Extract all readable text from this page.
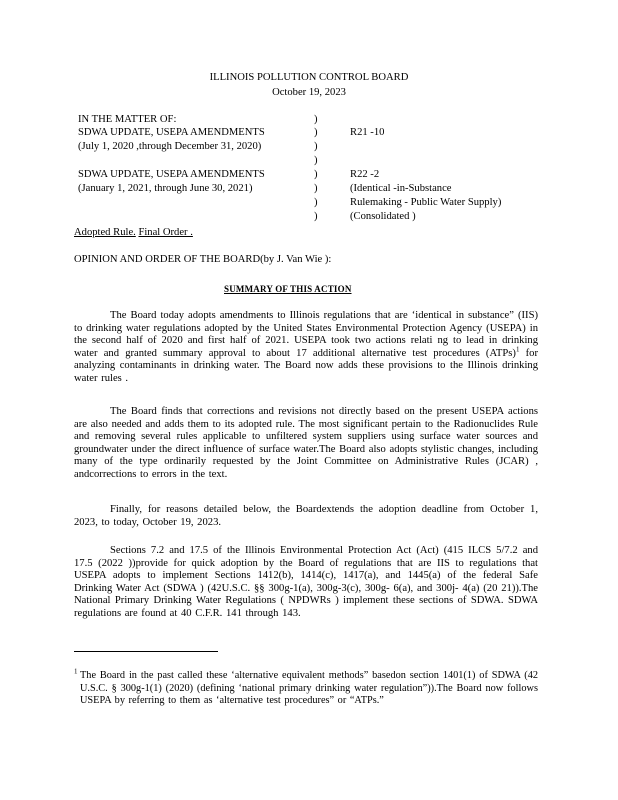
ILLINOIS POLLUTION CONTROL BOARD
October 19, 2023
IN THE MATTER OF:
SDWA UPDATE, USEPA AMENDMENTS
(July 1, 2020 ,through December 31, 2020)
SDWA UPDATE, USEPA AMENDMENTS
(January 1, 2021, through June 30, 2021)
)
)
)
)
)
)
)
)
R21 -10
R22 -2
(Identical -in-Substance
Rulemaking - Public Water Supply)
(Consolidated )
Adopted Rule. Final Order .
OPINION AND ORDER OF THE BOARD(by J. Van Wie ):
SUMMARY OF THIS ACTION
The Board today adopts amendments to Illinois regulations that are ‘identical in substance” (IIS) to drinking water regulations adopted by the United States Environmental Protection Agency (USEPA) in the second half of 2020 and first half of 2021. USEPA took two actions relati ng to lead in drinking water and granted summary approval to about 17 additional alternative test procedures (ATPs)$^1$ for analyzing contaminants in drinking water. The Board now adds these provisions to the Illinois drinking water rules .
The Board finds that corrections and revisions not directly based on the present USEPA actions are also needed and adds them to its adopted rule. The most significant pertain to the Radionuclides Rule and removing several rules applicable to unfiltered system suppliers using surface water sources and groundwater under the direct influence of surface water.The Board also adopts stylistic changes, including many of the type ordinarily requested by the Joint Committee on Administrative Rules (JCAR) , andcorrections to errors in the text.
Finally, for reasons detailed below, the Boardextends the adoption deadline from October 1, 2023, to today, October 19, 2023.
Sections 7.2 and 17.5 of the Illinois Environmental Protection Act (Act) (415 ILCS 5/7.2 and 17.5 (2022 ))provide for quick adoption by the Board of regulations that are IIS to regulations that USEPA adopts to implement Sections 1412(b), 1414(c), 1417(a), and 1445(a) of the federal Safe Drinking Water Act (SDWA ) (42U.S.C. §§ 300g-1(a), 300g-3(c), 300g- 6(a), and 300j- 4(a) (20 21)).The National Primary Drinking Water Regulations ( NPDWRs ) implement these sections of SDWA. SDWA regulations are found at 40 C.F.R. 141 through 143.
$^1$ The Board in the past called these ‘alternative equivalent methods” basedon section 1401(1) of SDWA (42 U.S.C. § 300g-1(1) (2020) (defining ‘national primary drinking water regulation”)).The Board now follows USEPA by referring to them as ‘alternative test procedures” or “ATPs.”
